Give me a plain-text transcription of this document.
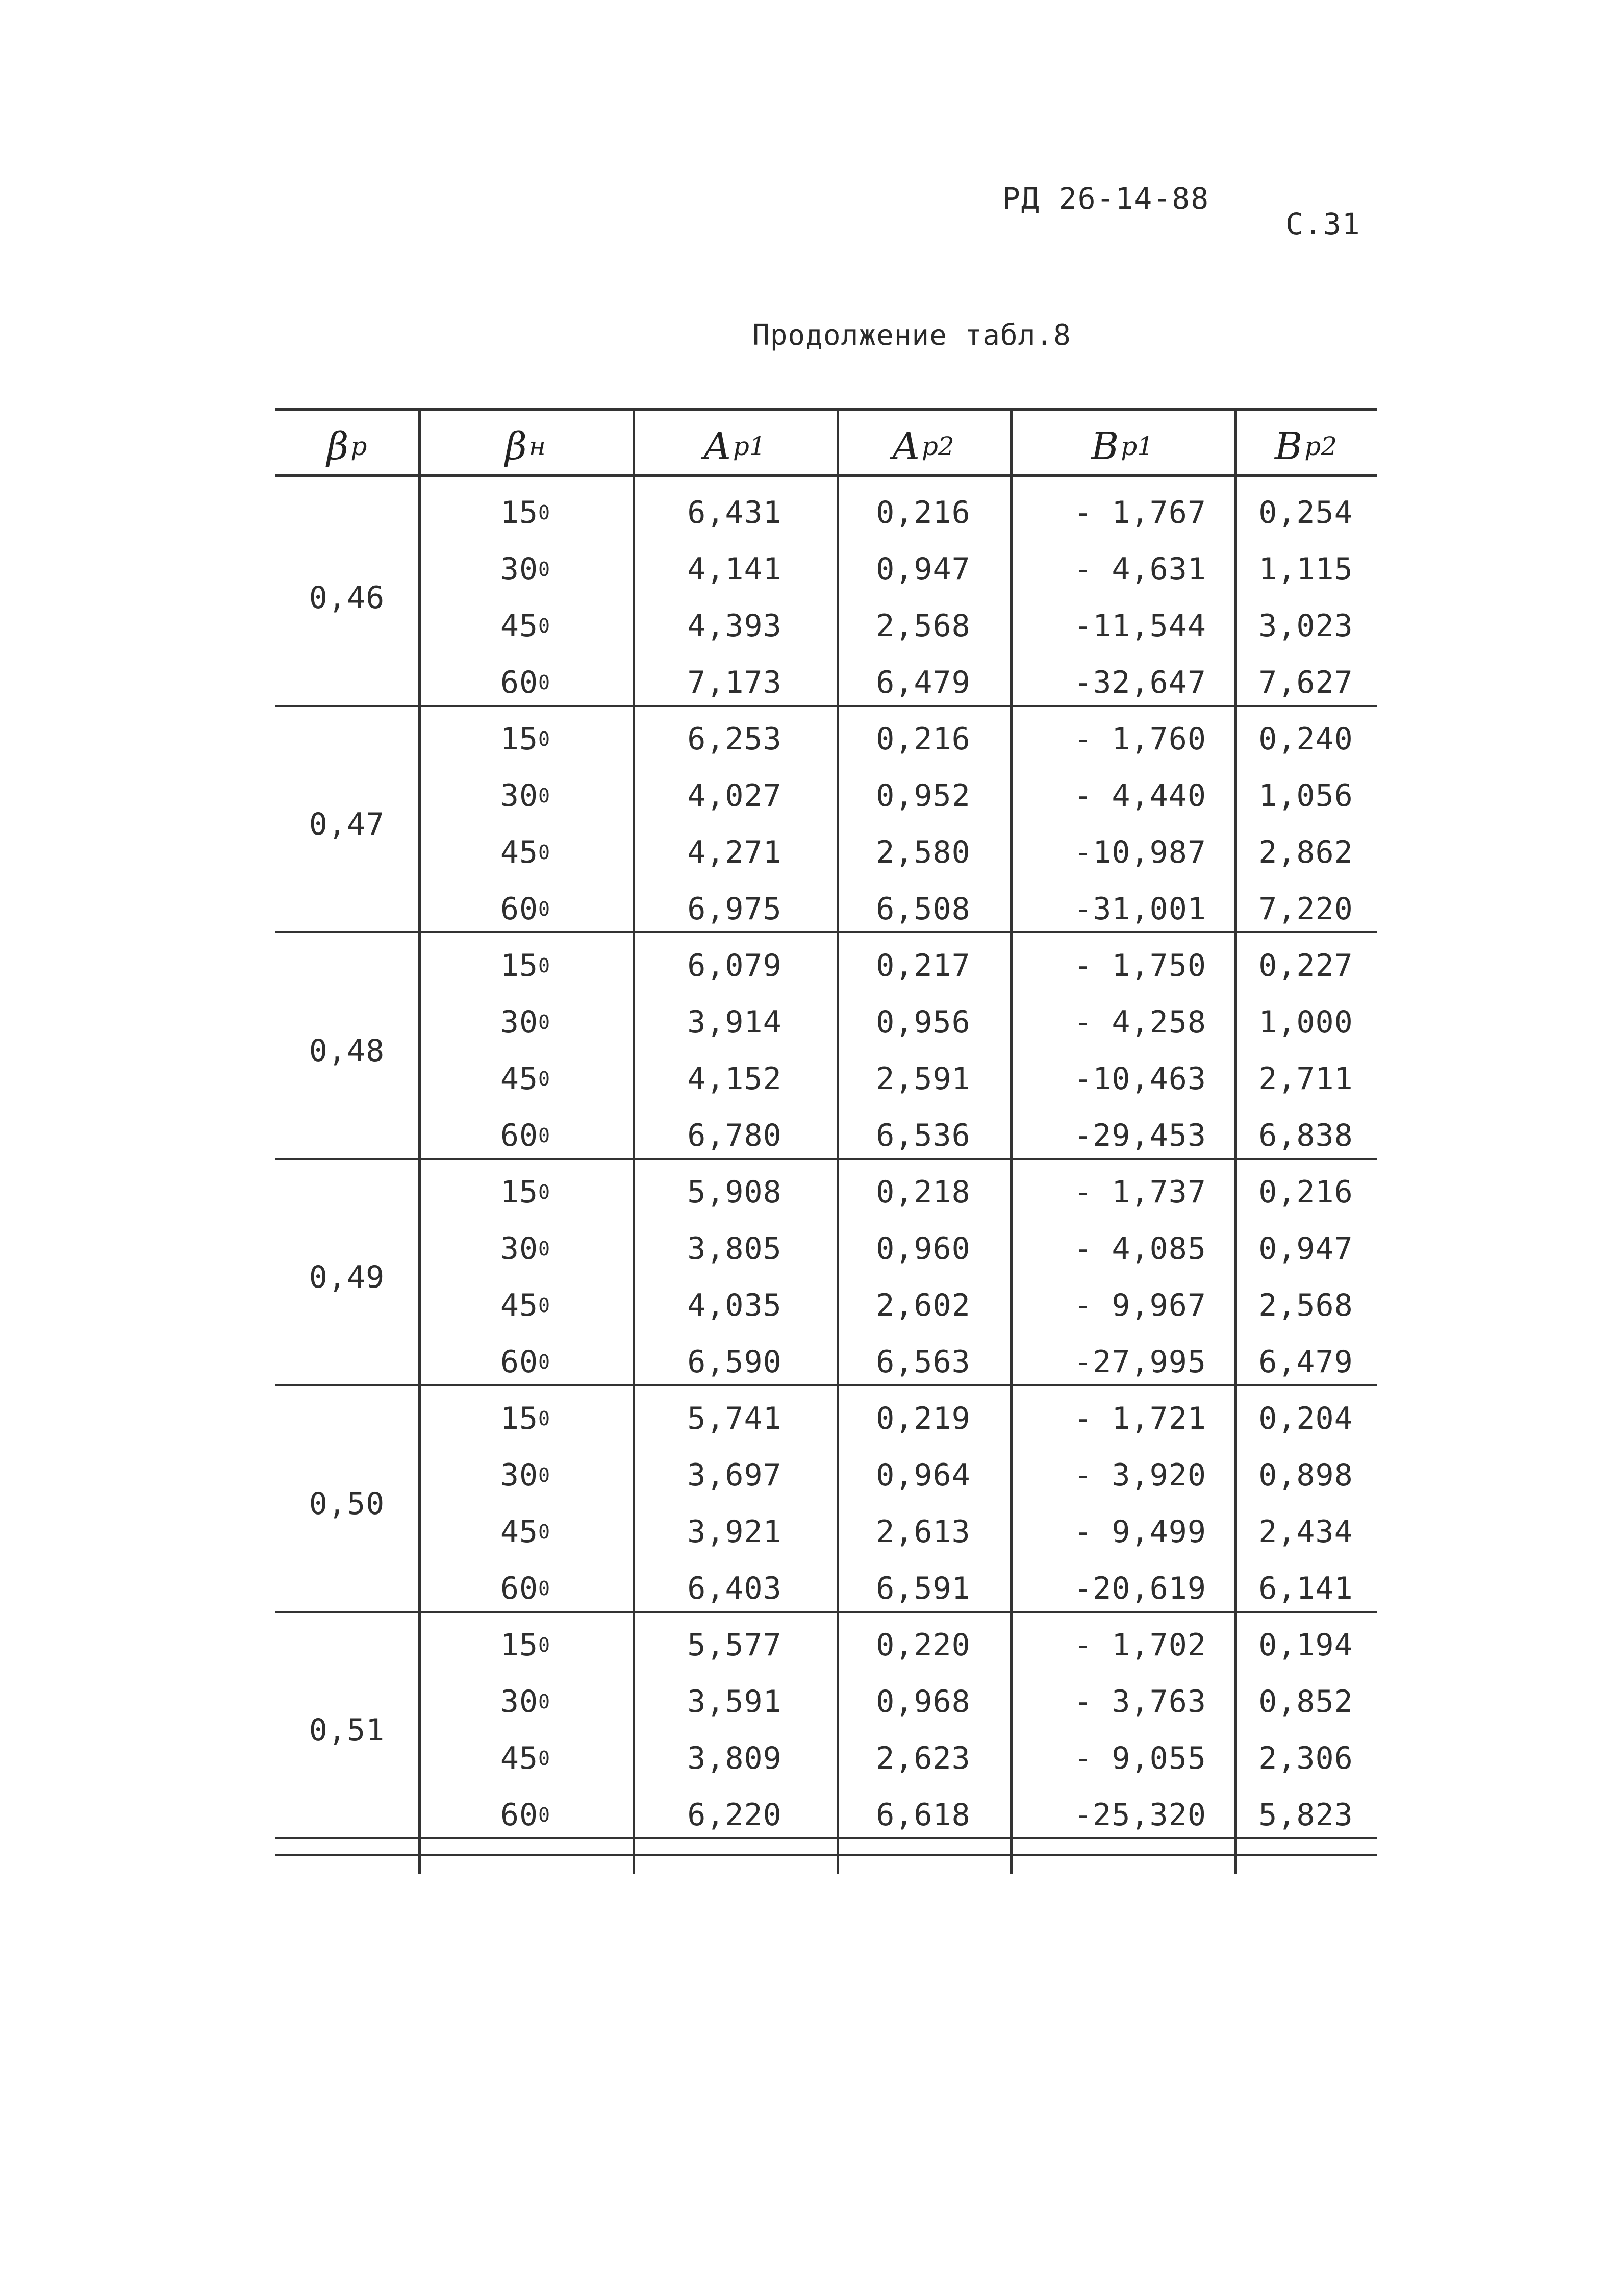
РД 26-14-88
С.31
Продолжение табл.8
β р	β н	A р1	A р2	B р1	B р2
0,46
15 0	6,431	0,216	- 1,767	0,254
30 0	4,141	0,947	- 4,631	1,115
45 0	4,393	2,568	-11,544	3,023
60 0	7,173	6,479	-32,647	7,627
0,47
15 0	6,253	0,216	- 1,760	0,240
30 0	4,027	0,952	- 4,440	1,056
45 0	4,271	2,580	-10,987	2,862
60 0	6,975	6,508	-31,001	7,220
0,48
15 0	6,079	0,217	- 1,750	0,227
30 0	3,914	0,956	- 4,258	1,000
45 0	4,152	2,591	-10,463	2,711
60 0	6,780	6,536	-29,453	6,838
0,49
15 0	5,908	0,218	- 1,737	0,216
30 0	3,805	0,960	- 4,085	0,947
45 0	4,035	2,602	- 9,967	2,568
60 0	6,590	6,563	-27,995	6,479
0,50
15 0	5,741	0,219	- 1,721	0,204
30 0	3,697	0,964	- 3,920	0,898
45 0	3,921	2,613	- 9,499	2,434
60 0	6,403	6,591	-20,619	6,141
0,51
15 0	5,577	0,220	- 1,702	0,194
30 0	3,591	0,968	- 3,763	0,852
45 0	3,809	2,623	- 9,055	2,306
60 0	6,220	6,618	-25,320	5,823
